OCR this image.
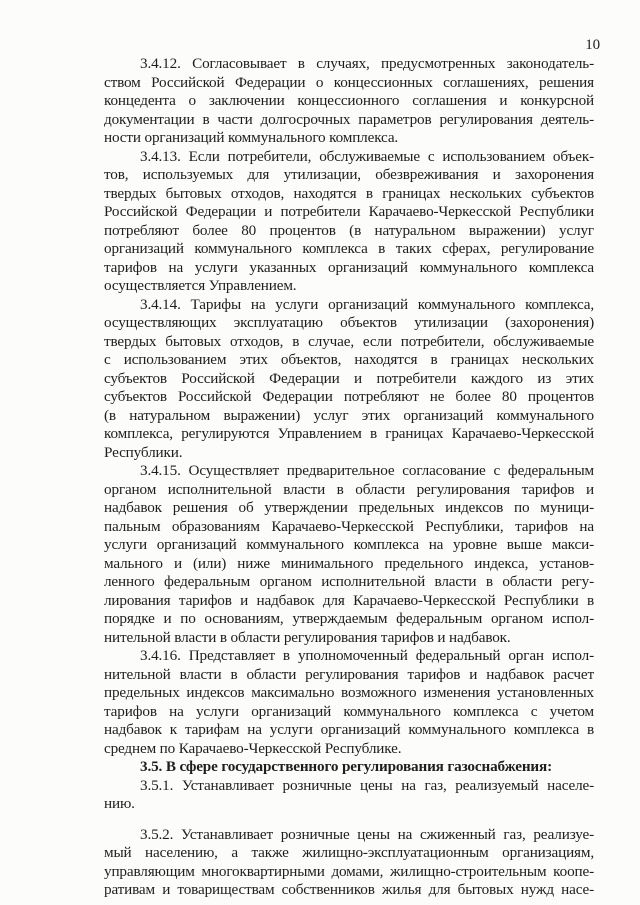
10
3.4.12. Согласовывает в случаях, предусмотренных законодатель-
ством Российской Федерации о концессионных соглашениях, решения
концедента о заключении концессионного соглашения и конкурсной
документации в части долгосрочных параметров регулирования деятель-
ности организаций коммунального комплекса.
3.4.13. Если потребители, обслуживаемые с использованием объек-
тов, используемых для утилизации, обезвреживания и захоронения
твердых бытовых отходов, находятся в границах нескольких субъектов
Российской Федерации и потребители Карачаево-Черкесской Республики
потребляют более 80 процентов (в натуральном выражении) услуг
организаций коммунального комплекса в таких сферах, регулирование
тарифов на услуги указанных организаций коммунального комплекса
осуществляется Управлением.
3.4.14. Тарифы на услуги организаций коммунального комплекса,
осуществляющих эксплуатацию объектов утилизации (захоронения)
твердых бытовых отходов, в случае, если потребители, обслуживаемые
с использованием этих объектов, находятся в границах нескольких
субъектов Российской Федерации и потребители каждого из этих
субъектов Российской Федерации потребляют не более 80 процентов
(в натуральном выражении) услуг этих организаций коммунального
комплекса, регулируются Управлением в границах Карачаево-Черкесской
Республики.
3.4.15. Осуществляет предварительное согласование с федеральным
органом исполнительной власти в области регулирования тарифов и
надбавок решения об утверждении предельных индексов по муници-
пальным образованиям Карачаево-Черкесской Республики, тарифов на
услуги организаций коммунального комплекса на уровне выше макси-
мального и (или) ниже минимального предельного индекса, установ-
ленного федеральным органом исполнительной власти в области регу-
лирования тарифов и надбавок для Карачаево-Черкесской Республики в
порядке и по основаниям, утверждаемым федеральным органом испол-
нительной власти в области регулирования тарифов и надбавок.
3.4.16. Представляет в уполномоченный федеральный орган испол-
нительной власти в области регулирования тарифов и надбавок расчет
предельных индексов максимально возможного изменения установленных
тарифов на услуги организаций коммунального комплекса с учетом
надбавок к тарифам на услуги организаций коммунального комплекса в
среднем по Карачаево-Черкесской Республике.
3.5. В сфере государственного регулирования газоснабжения:
3.5.1. Устанавливает розничные цены на газ, реализуемый населе-
нию.
3.5.2. Устанавливает розничные цены на сжиженный газ, реализуе-
мый населению, а также жилищно-эксплуатационным организациям,
управляющим многоквартирными домами, жилищно-строительным коопе-
ративам и товариществам собственников жилья для бытовых нужд насе-
